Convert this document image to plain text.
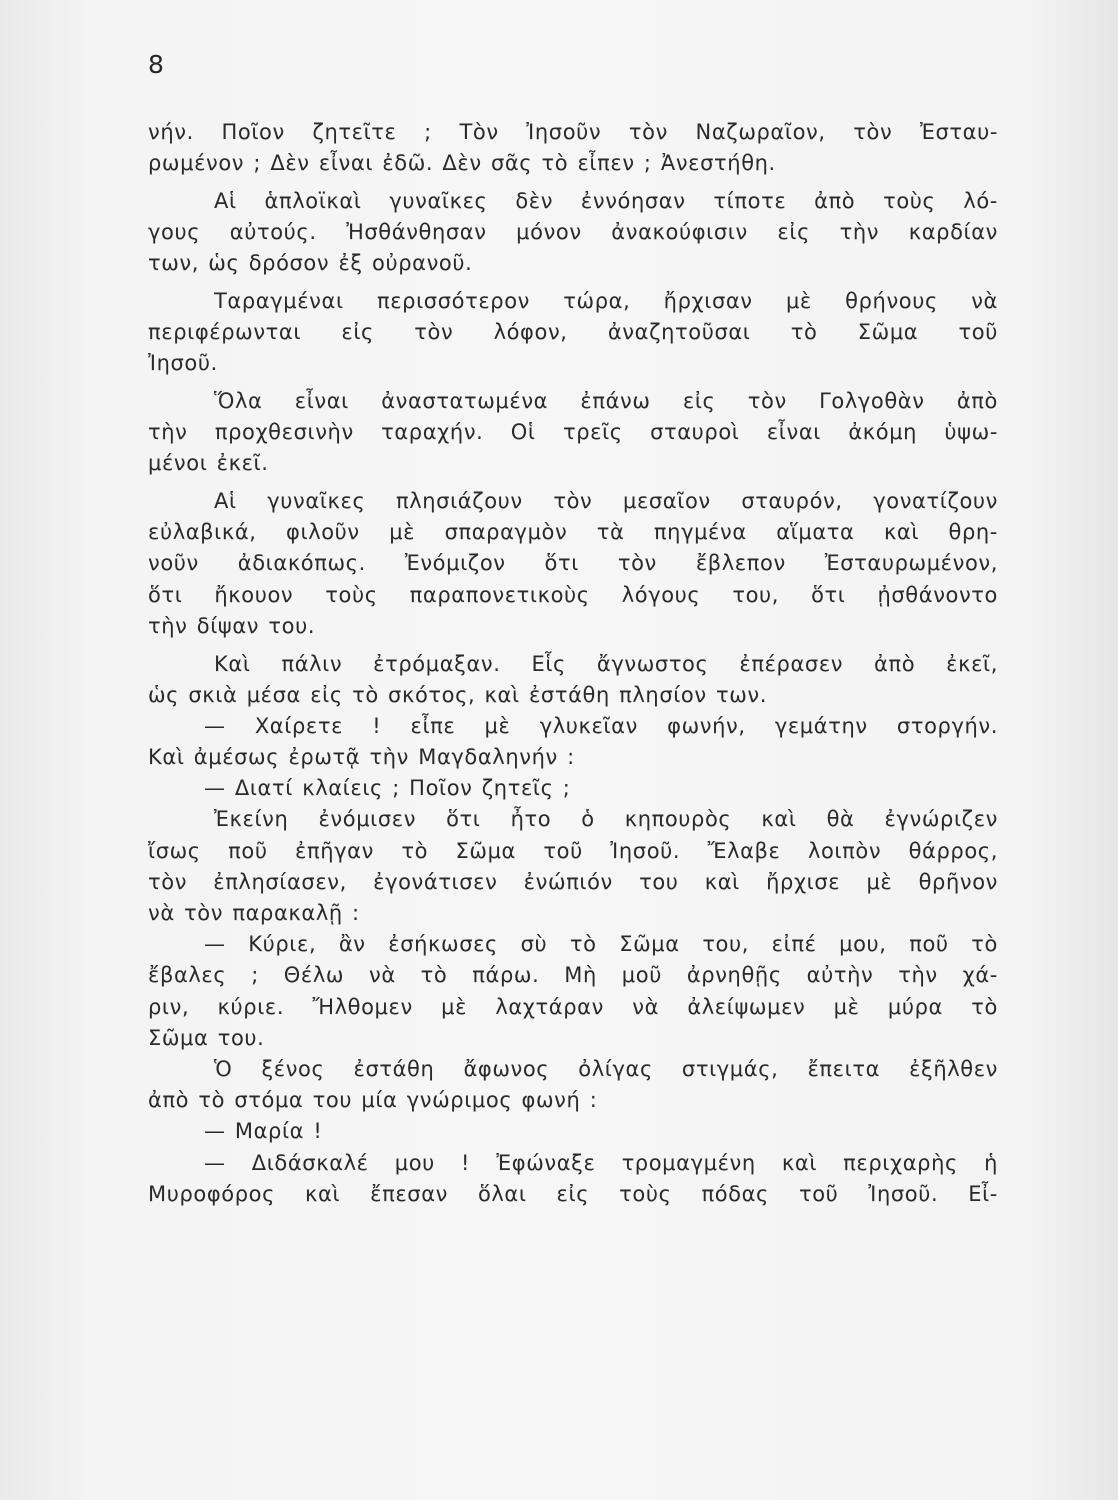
8
νήν. Ποῖον ζητεῖτε ; Τὸν Ἰησοῦν τὸν Ναζωραῖον, τὸν Ἐσταυ-
ρωμένον ; Δὲν εἶναι ἐδῶ. Δὲν σᾶς τὸ εἶπεν ; Ἀνεστήθη.
Αἱ ἁπλοϊκαὶ γυναῖκες δὲν ἐννόησαν τίποτε ἀπὸ τοὺς λό-
γους αὐτούς. Ἠσθάνθησαν μόνον ἀνακούφισιν εἰς τὴν καρδίαν
των, ὡς δρόσον ἐξ οὐρανοῦ.
Ταραγμέναι περισσότερον τώρα, ἤρχισαν μὲ θρήνους νὰ
περιφέρωνται εἰς τὸν λόφον, ἀναζητοῦσαι τὸ Σῶμα τοῦ
Ἰησοῦ.
Ὅλα εἶναι ἀναστατωμένα ἐπάνω εἰς τὸν Γολγοθὰν ἀπὸ
τὴν προχθεσινὴν ταραχήν. Οἱ τρεῖς σταυροὶ εἶναι ἀκόμη ὑψω-
μένοι ἐκεῖ.
Αἱ γυναῖκες πλησιάζουν τὸν μεσαῖον σταυρόν, γονατίζουν
εὐλαβικά, φιλοῦν μὲ σπαραγμὸν τὰ πηγμένα αἵματα καὶ θρη-
νοῦν ἀδιακόπως. Ἐνόμιζον ὅτι τὸν ἔβλεπον Ἐσταυρωμένον,
ὅτι ἤκουον τοὺς παραπονετικοὺς λόγους του, ὅτι ᾐσθάνοντο
τὴν δίψαν του.
Καὶ πάλιν ἐτρόμαξαν. Εἷς ἄγνωστος ἐπέρασεν ἀπὸ ἐκεῖ,
ὡς σκιὰ μέσα εἰς τὸ σκότος, καὶ ἐστάθη πλησίον των.
— Χαίρετε ! εἶπε μὲ γλυκεῖαν φωνήν, γεμάτην στοργήν.
Καὶ ἀμέσως ἐρωτᾷ τὴν Μαγδαληνήν :
— Διατί κλαίεις ; Ποῖον ζητεῖς ;
Ἐκείνη ἐνόμισεν ὅτι ἦτο ὁ κηπουρὸς καὶ θὰ ἐγνώριζεν
ἴσως ποῦ ἐπῆγαν τὸ Σῶμα τοῦ Ἰησοῦ. Ἔλαβε λοιπὸν θάρρος,
τὸν ἐπλησίασεν, ἐγονάτισεν ἐνώπιόν του καὶ ἤρχισε μὲ θρῆνον
νὰ τὸν παρακαλῇ :
— Κύριε, ἂν ἐσήκωσες σὺ τὸ Σῶμα του, εἰπέ μου, ποῦ τὸ
ἔβαλες ; Θέλω νὰ τὸ πάρω. Μὴ μοῦ ἀρνηθῇς αὐτὴν τὴν χά-
ριν, κύριε. Ἤλθομεν μὲ λαχτάραν νὰ ἀλείψωμεν μὲ μύρα τὸ
Σῶμα του.
Ὁ ξένος ἐστάθη ἄφωνος ὀλίγας στιγμάς, ἔπειτα ἐξῆλθεν
ἀπὸ τὸ στόμα του μία γνώριμος φωνή :
— Μαρία !
— Διδάσκαλέ μου ! Ἐφώναξε τρομαγμένη καὶ περιχαρὴς ἡ
Μυροφόρος καὶ ἔπεσαν ὅλαι εἰς τοὺς πόδας τοῦ Ἰησοῦ. Εἶ-
